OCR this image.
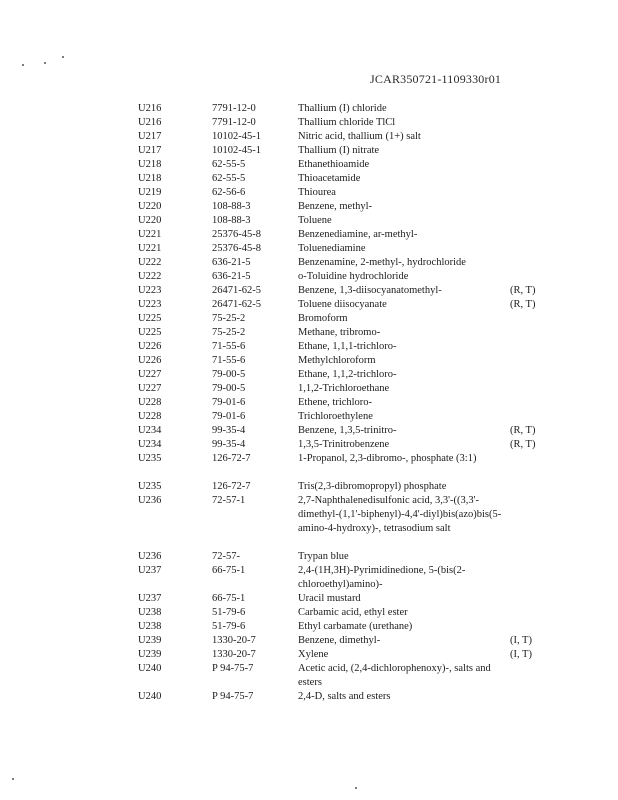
JCAR350721-1109330r01
U216	7791-12-0	Thallium (I) chloride
U216	7791-12-0	Thallium chloride TlCl
U217	10102-45-1	Nitric acid, thallium (1+) salt
U217	10102-45-1	Thallium (I) nitrate
U218	62-55-5	Ethanethioamide
U218	62-55-5	Thioacetamide
U219	62-56-6	Thiourea
U220	108-88-3	Benzene, methyl-
U220	108-88-3	Toluene
U221	25376-45-8	Benzenediamine, ar-methyl-
U221	25376-45-8	Toluenediamine
U222	636-21-5	Benzenamine, 2-methyl-, hydrochloride
U222	636-21-5	o-Toluidine hydrochloride
U223	26471-62-5	Benzene, 1,3-diisocyanatomethyl-	(R, T)
U223	26471-62-5	Toluene diisocyanate	(R, T)
U225	75-25-2	Bromoform
U225	75-25-2	Methane, tribromo-
U226	71-55-6	Ethane, 1,1,1-trichloro-
U226	71-55-6	Methylchloroform
U227	79-00-5	Ethane, 1,1,2-trichloro-
U227	79-00-5	1,1,2-Trichloroethane
U228	79-01-6	Ethene, trichloro-
U228	79-01-6	Trichloroethylene
U234	99-35-4	Benzene, 1,3,5-trinitro-	(R, T)
U234	99-35-4	1,3,5-Trinitrobenzene	(R, T)
U235	126-72-7	1-Propanol, 2,3-dibromo-, phosphate (3:1)
U235	126-72-7	Tris(2,3-dibromopropyl) phosphate
U236	72-57-1	2,7-Naphthalenedisulfonic acid, 3,3'-((3,3'-dimethyl-(1,1'-biphenyl)-4,4'-diyl)bis(azo)bis(5-amino-4-hydroxy)-, tetrasodium salt
U236	72-57-	Trypan blue
U237	66-75-1	2,4-(1H,3H)-Pyrimidinedione, 5-(bis(2-chloroethyl)amino)-
U237	66-75-1	Uracil mustard
U238	51-79-6	Carbamic acid, ethyl ester
U238	51-79-6	Ethyl carbamate (urethane)
U239	1330-20-7	Benzene, dimethyl-	(I, T)
U239	1330-20-7	Xylene	(I, T)
U240	P 94-75-7	Acetic acid, (2,4-dichlorophenoxy)-, salts and esters
U240	P 94-75-7	2,4-D, salts and esters
